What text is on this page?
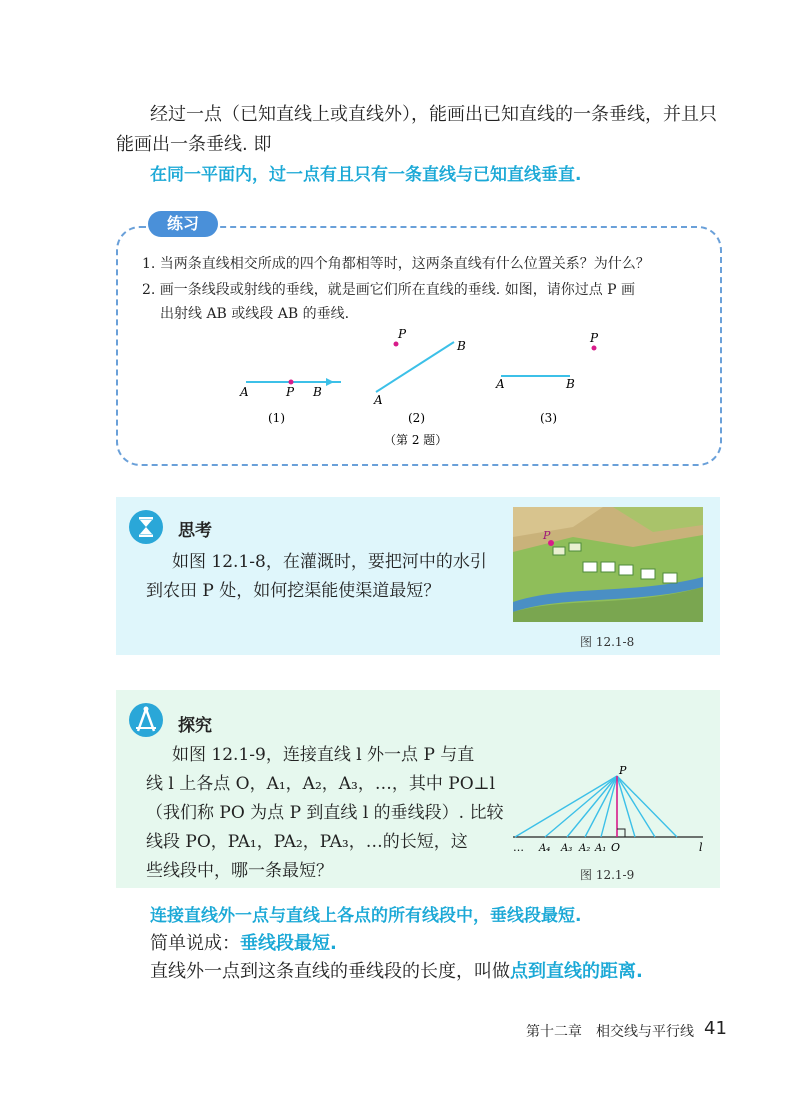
经过一点（已知直线上或直线外），能画出已知直线的一条垂线，并且只
能画出一条垂线. 即
在同一平面内，过一点有且只有一条直线与已知直线垂直.
练习
1. 当两条直线相交所成的四个角都相等时，这两条直线有什么位置关系？为什么？
2. 画一条线段或射线的垂线，就是画它们所在直线的垂线. 如图，请你过点 P 画
出射线 AB 或线段 AB 的垂线.
A	P B
(1)
P
B
A
(2)
P
A	B
(3)
（第 2 题）
思考
如图 12.1-8，在灌溉时，要把河中的水引
到农田 P 处，如何挖渠能使渠道最短？
P
图 12.1-8
探究
如图 12.1-9，连接直线 l 外一点 P 与直
线 l 上各点 O，A₁，A₂，A₃，…，其中 PO⊥l
（我们称 PO 为点 P 到直线 l 的垂线段）. 比较
线段 PO，PA₁，PA₂，PA₃，…的长短，这
些线段中，哪一条最短？
P
l
O
A₁
A₂
A₃
A₄
…
图 12.1-9
连接直线外一点与直线上各点的所有线段中，垂线段最短.
简单说成：垂线段最短.
直线外一点到这条直线的垂线段的长度，叫做点到直线的距离.
第十二章　相交线与平行线 41
